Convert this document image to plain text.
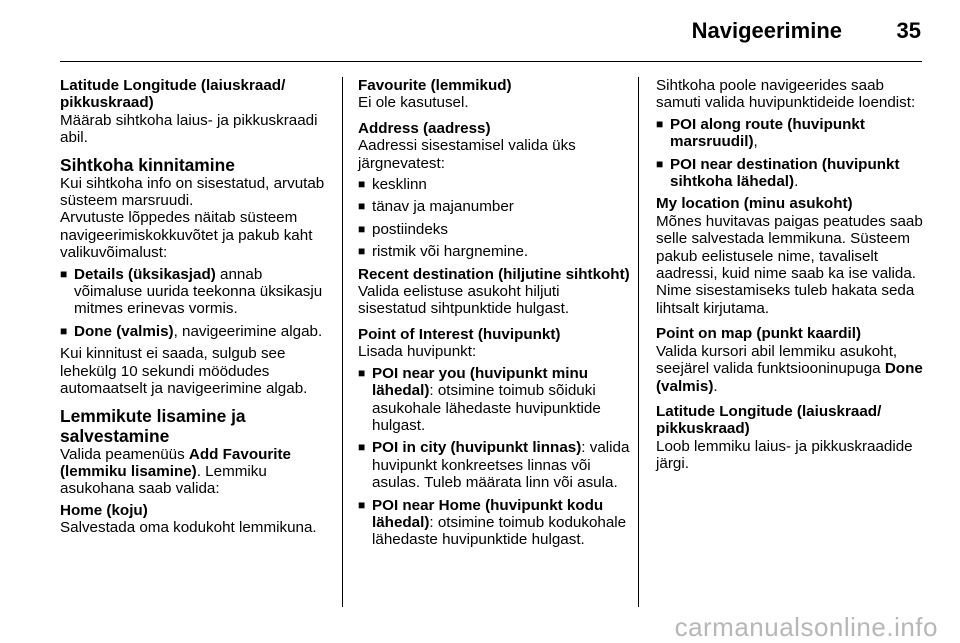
Navigeerimine 35

Latitude Longitude (laiuskraad/ pikkuskraad)

Määrab sihtkoha laius- ja pikkuskraadi abil.

Sihtkoha kinnitamine

Kui sihtkoha info on sisestatud, arvutab süsteem marsruudi.

Arvutuste lõppedes näitab süsteem navigeerimiskokkuvõtet ja pakub kaht valikuvõimalust:

■ Details (üksikasjad) annab võimaluse uurida teekonna üksikasju mitmes erinevas vormis.
■ Done (valmis), navigeerimine algab.

Kui kinnitust ei saada, sulgub see lehekülg 10 sekundi möödudes automaatselt ja navigeerimine algab.

Lemmikute lisamine ja salvestamine

Valida peamenüüs Add Favourite (lemmiku lisamine). Lemmiku asukohana saab valida:

Home (koju)

Salvestada oma kodukoht lemmikuna.

Favourite (lemmikud)

Ei ole kasutusel.

Address (aadress)

Aadressi sisestamisel valida üks järgnevatest:

■ kesklinn
■ tänav ja majanumber
■ postiindeks
■ ristmik või hargnemine.

Recent destination (hiljutine sihtkoht)

Valida eelistuse asukoht hiljuti sisestatud sihtpunktide hulgast.

Point of Interest (huvipunkt)

Lisada huvipunkt:

■ POI near you (huvipunkt minu lähedal): otsimine toimub sõiduki asukohale lähedaste huvipunktide hulgast.
■ POI in city (huvipunkt linnas): valida huvipunkt konkreetses linnas või asulas. Tuleb määrata linn või asula.
■ POI near Home (huvipunkt kodu lähedal): otsimine toimub kodukohale lähedaste huvipunktide hulgast.

Sihtkoha poole navigeerides saab samuti valida huvipunktideide loendist:

■ POI along route (huvipunkt marsruudil),
■ POI near destination (huvipunkt sihtkoha lähedal).

My location (minu asukoht)

Mõnes huvitavas paigas peatudes saab selle salvestada lemmikuna. Süsteem pakub eelistusele nime, tavaliselt aadressi, kuid nime saab ka ise valida. Nime sisestamiseks tuleb hakata seda lihtsalt kirjutama.

Point on map (punkt kaardil)

Valida kursori abil lemmiku asukoht, seejärel valida funktsiooninupuga Done (valmis).

Latitude Longitude (laiuskraad/ pikkuskraad)

Loob lemmiku laius- ja pikkuskraadide järgi.

carmanualsonline.info
